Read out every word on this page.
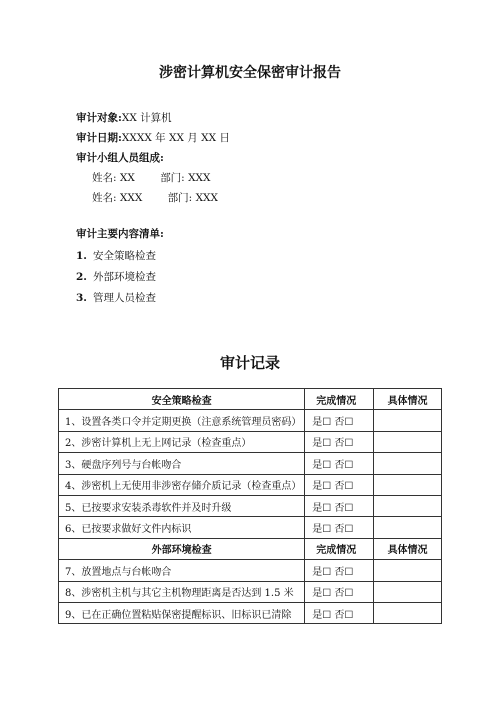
涉密计算机安全保密审计报告
审计对象:XX 计算机
审计日期:XXXX 年 XX 月 XX 日
审计小组人员组成:
姓名: XX 部门: XXX
姓名: XXX 部门: XXX
审计主要内容清单:
1. 安全策略检查
2. 外部环境检查
3. 管理人员检查
审计记录
安全策略检查	完成情况	具体情况
1、设置各类口令并定期更换（注意系统管理员密码）	是☐ 否☐	
2、涉密计算机上无上网记录（检查重点）	是☐ 否☐	
3、硬盘序列号与台帐吻合	是☐ 否☐	
4、涉密机上无使用非涉密存储介质记录（检查重点）	是☐ 否☐	
5、已按要求安装杀毒软件并及时升级	是☐ 否☐	
6、已按要求做好文件内标识	是☐ 否☐	
外部环境检查	完成情况	具体情况
7、放置地点与台帐吻合	是☐ 否☐	
8、涉密机主机与其它主机物理距离是否达到 1.5 米	是☐ 否☐	
9、已在正确位置粘贴保密提醒标识、旧标识已清除	是☐ 否☐	
